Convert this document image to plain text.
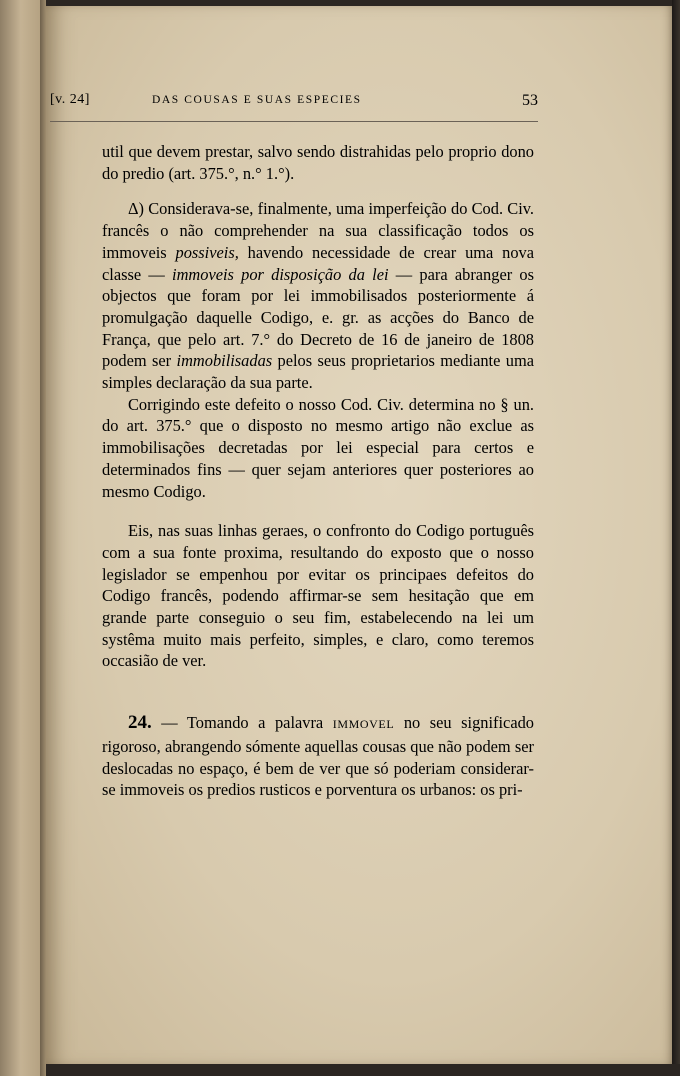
[v. 24]	DAS COUSAS E SUAS ESPECIES	53

util que devem prestar, salvo sendo distrahidas pelo proprio dono do predio (art. 375.°, n.° 1.°).

Δ) Considerava-se, finalmente, uma imperfeição do Cod. Civ. francês o não comprehender na sua classificação todos os immoveis possiveis, havendo necessidade de crear uma nova classe — immoveis por disposição da lei — para abranger os objectos que foram por lei immobilisados posteriormente á promulgação daquelle Codigo, e. gr. as acções do Banco de França, que pelo art. 7.° do Decreto de 16 de janeiro de 1808 podem ser immobilisadas pelos seus proprietarios mediante uma simples declaração da sua parte.

Corrigindo este defeito o nosso Cod. Civ. determina no § un. do art. 375.° que o disposto no mesmo artigo não exclue as immobilisações decretadas por lei especial para certos e determinados fins — quer sejam anteriores quer posteriores ao mesmo Codigo.

Eis, nas suas linhas geraes, o confronto do Codigo português com a sua fonte proxima, resultando do exposto que o nosso legislador se empenhou por evitar os principaes defeitos do Codigo francês, podendo affirmar-se sem hesitação que em grande parte conseguio o seu fim, estabelecendo na lei um systêma muito mais perfeito, simples, e claro, como teremos occasião de ver.

24. — Tomando a palavra IMMOVEL no seu significado rigoroso, abrangendo sómente aquellas cousas que não podem ser deslocadas no espaço, é bem de ver que só poderiam considerar-se immoveis os predios rusticos e porventura os urbanos: os pri-
